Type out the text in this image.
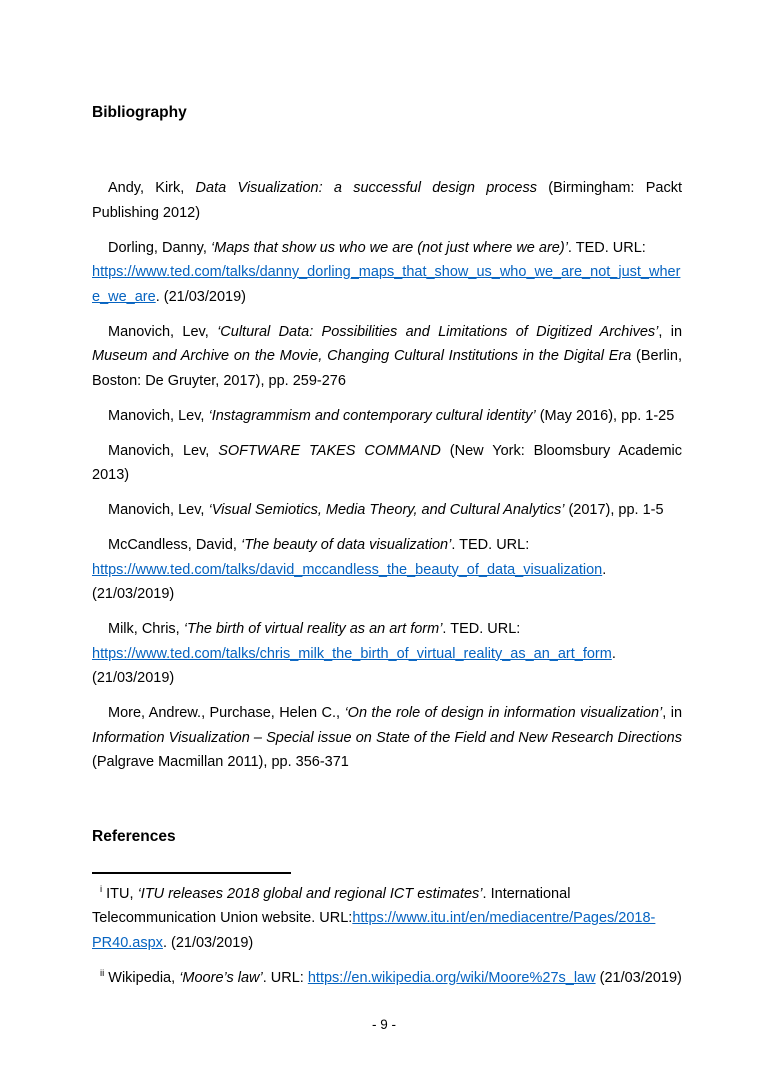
Bibliography

Andy, Kirk, Data Visualization: a successful design process (Birmingham: Packt Publishing 2012)

Dorling, Danny, ‘Maps that show us who we are (not just where we are)’. TED. URL:
https://www.ted.com/talks/danny_dorling_maps_that_show_us_who_we_are_not_just_where_we_are. (21/03/2019)

Manovich, Lev, ‘Cultural Data: Possibilities and Limitations of Digitized Archives’, in Museum and Archive on the Movie, Changing Cultural Institutions in the Digital Era (Berlin, Boston: De Gruyter, 2017), pp. 259-276

Manovich, Lev, ‘Instagrammism and contemporary cultural identity’ (May 2016), pp. 1-25

Manovich, Lev, SOFTWARE TAKES COMMAND (New York: Bloomsbury Academic 2013)

Manovich, Lev, ‘Visual Semiotics, Media Theory, and Cultural Analytics’ (2017), pp. 1-5

McCandless, David, ‘The beauty of data visualization’. TED. URL:
https://www.ted.com/talks/david_mccandless_the_beauty_of_data_visualization. (21/03/2019)

Milk, Chris, ‘The birth of virtual reality as an art form’. TED. URL:
https://www.ted.com/talks/chris_milk_the_birth_of_virtual_reality_as_an_art_form. (21/03/2019)

More, Andrew., Purchase, Helen C., ‘On the role of design in information visualization’, in Information Visualization – Special issue on State of the Field and New Research Directions (Palgrave Macmillan 2011), pp. 356-371

References

$^i$ ITU, ‘ITU releases 2018 global and regional ICT estimates’. International Telecommunication Union website. URL:https://www.itu.int/en/mediacentre/Pages/2018-PR40.aspx. (21/03/2019)

$^{ii}$ Wikipedia, ‘Moore’s law’. URL: https://en.wikipedia.org/wiki/Moore%27s_law (21/03/2019)

- 9 -
